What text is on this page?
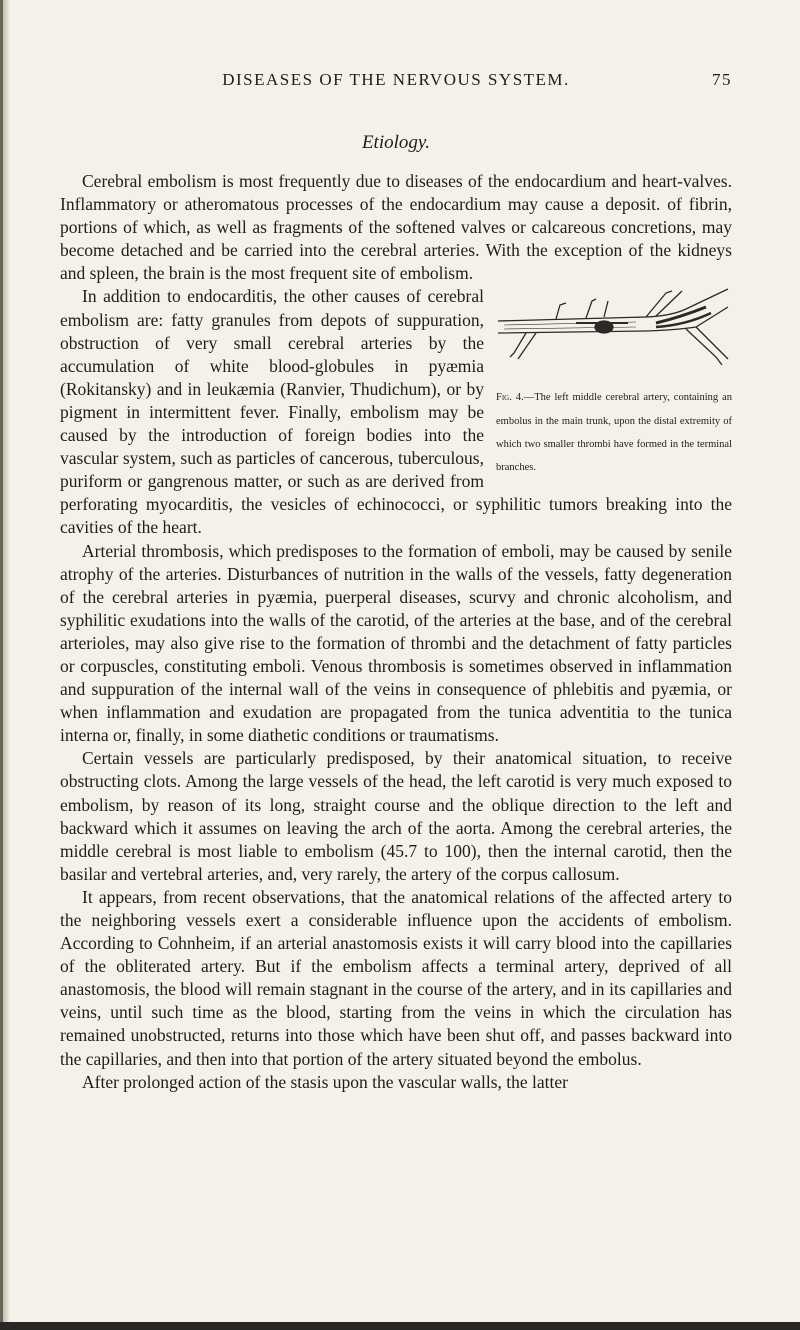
DISEASES OF THE NERVOUS SYSTEM.	75
Etiology.

Cerebral embolism is most frequently due to diseases of the endocardium and heart-valves. Inflammatory or atheromatous processes of the endocardium may cause a deposit. of fibrin, portions of which, as well as fragments of the softened valves or calcareous concretions, may become detached and be carried into the cerebral arteries. With the exception of the kidneys and spleen, the brain is the most frequent site of embolism.

Fig. 4.—The left middle cerebral artery, containing an embolus in the main trunk, upon the distal extremity of which two smaller thrombi have formed in the terminal branches.
In addition to endocarditis, the other causes of cerebral embolism are: fatty granules from depots of suppuration, obstruction of very small cerebral arteries by the accumulation of white blood-globules in pyæmia (Rokitansky) and in leukæmia (Ranvier, Thudichum), or by pigment in intermittent fever. Finally, embolism may be caused by the introduction of foreign bodies into the vascular system, such as particles of cancerous, tuberculous, puriform or gangrenous matter, or such as are derived from perforating myocarditis, the vesicles of echinococci, or syphilitic tumors breaking into the cavities of the heart.

Arterial thrombosis, which predisposes to the formation of emboli, may be caused by senile atrophy of the arteries. Disturbances of nutrition in the walls of the vessels, fatty degeneration of the cerebral arteries in pyæmia, puerperal diseases, scurvy and chronic alcoholism, and syphilitic exudations into the walls of the carotid, of the arteries at the base, and of the cerebral arterioles, may also give rise to the formation of thrombi and the detachment of fatty particles or corpuscles, constituting emboli. Venous thrombosis is sometimes observed in inflammation and suppuration of the internal wall of the veins in consequence of phlebitis and pyæmia, or when inflammation and exudation are propagated from the tunica adventitia to the tunica interna or, finally, in some diathetic conditions or traumatisms.

Certain vessels are particularly predisposed, by their anatomical situation, to receive obstructing clots. Among the large vessels of the head, the left carotid is very much exposed to embolism, by reason of its long, straight course and the oblique direction to the left and backward which it assumes on leaving the arch of the aorta. Among the cerebral arteries, the middle cerebral is most liable to embolism (45.7 to 100), then the internal carotid, then the basilar and vertebral arteries, and, very rarely, the artery of the corpus callosum.

It appears, from recent observations, that the anatomical relations of the affected artery to the neighboring vessels exert a considerable influence upon the accidents of embolism. According to Cohnheim, if an arterial anastomosis exists it will carry blood into the capillaries of the obliterated artery. But if the embolism affects a terminal artery, deprived of all anastomosis, the blood will remain stagnant in the course of the artery, and in its capillaries and veins, until such time as the blood, starting from the veins in which the circulation has remained unobstructed, returns into those which have been shut off, and passes backward into the capillaries, and then into that portion of the artery situated beyond the embolus.

After prolonged action of the stasis upon the vascular walls, the latter
